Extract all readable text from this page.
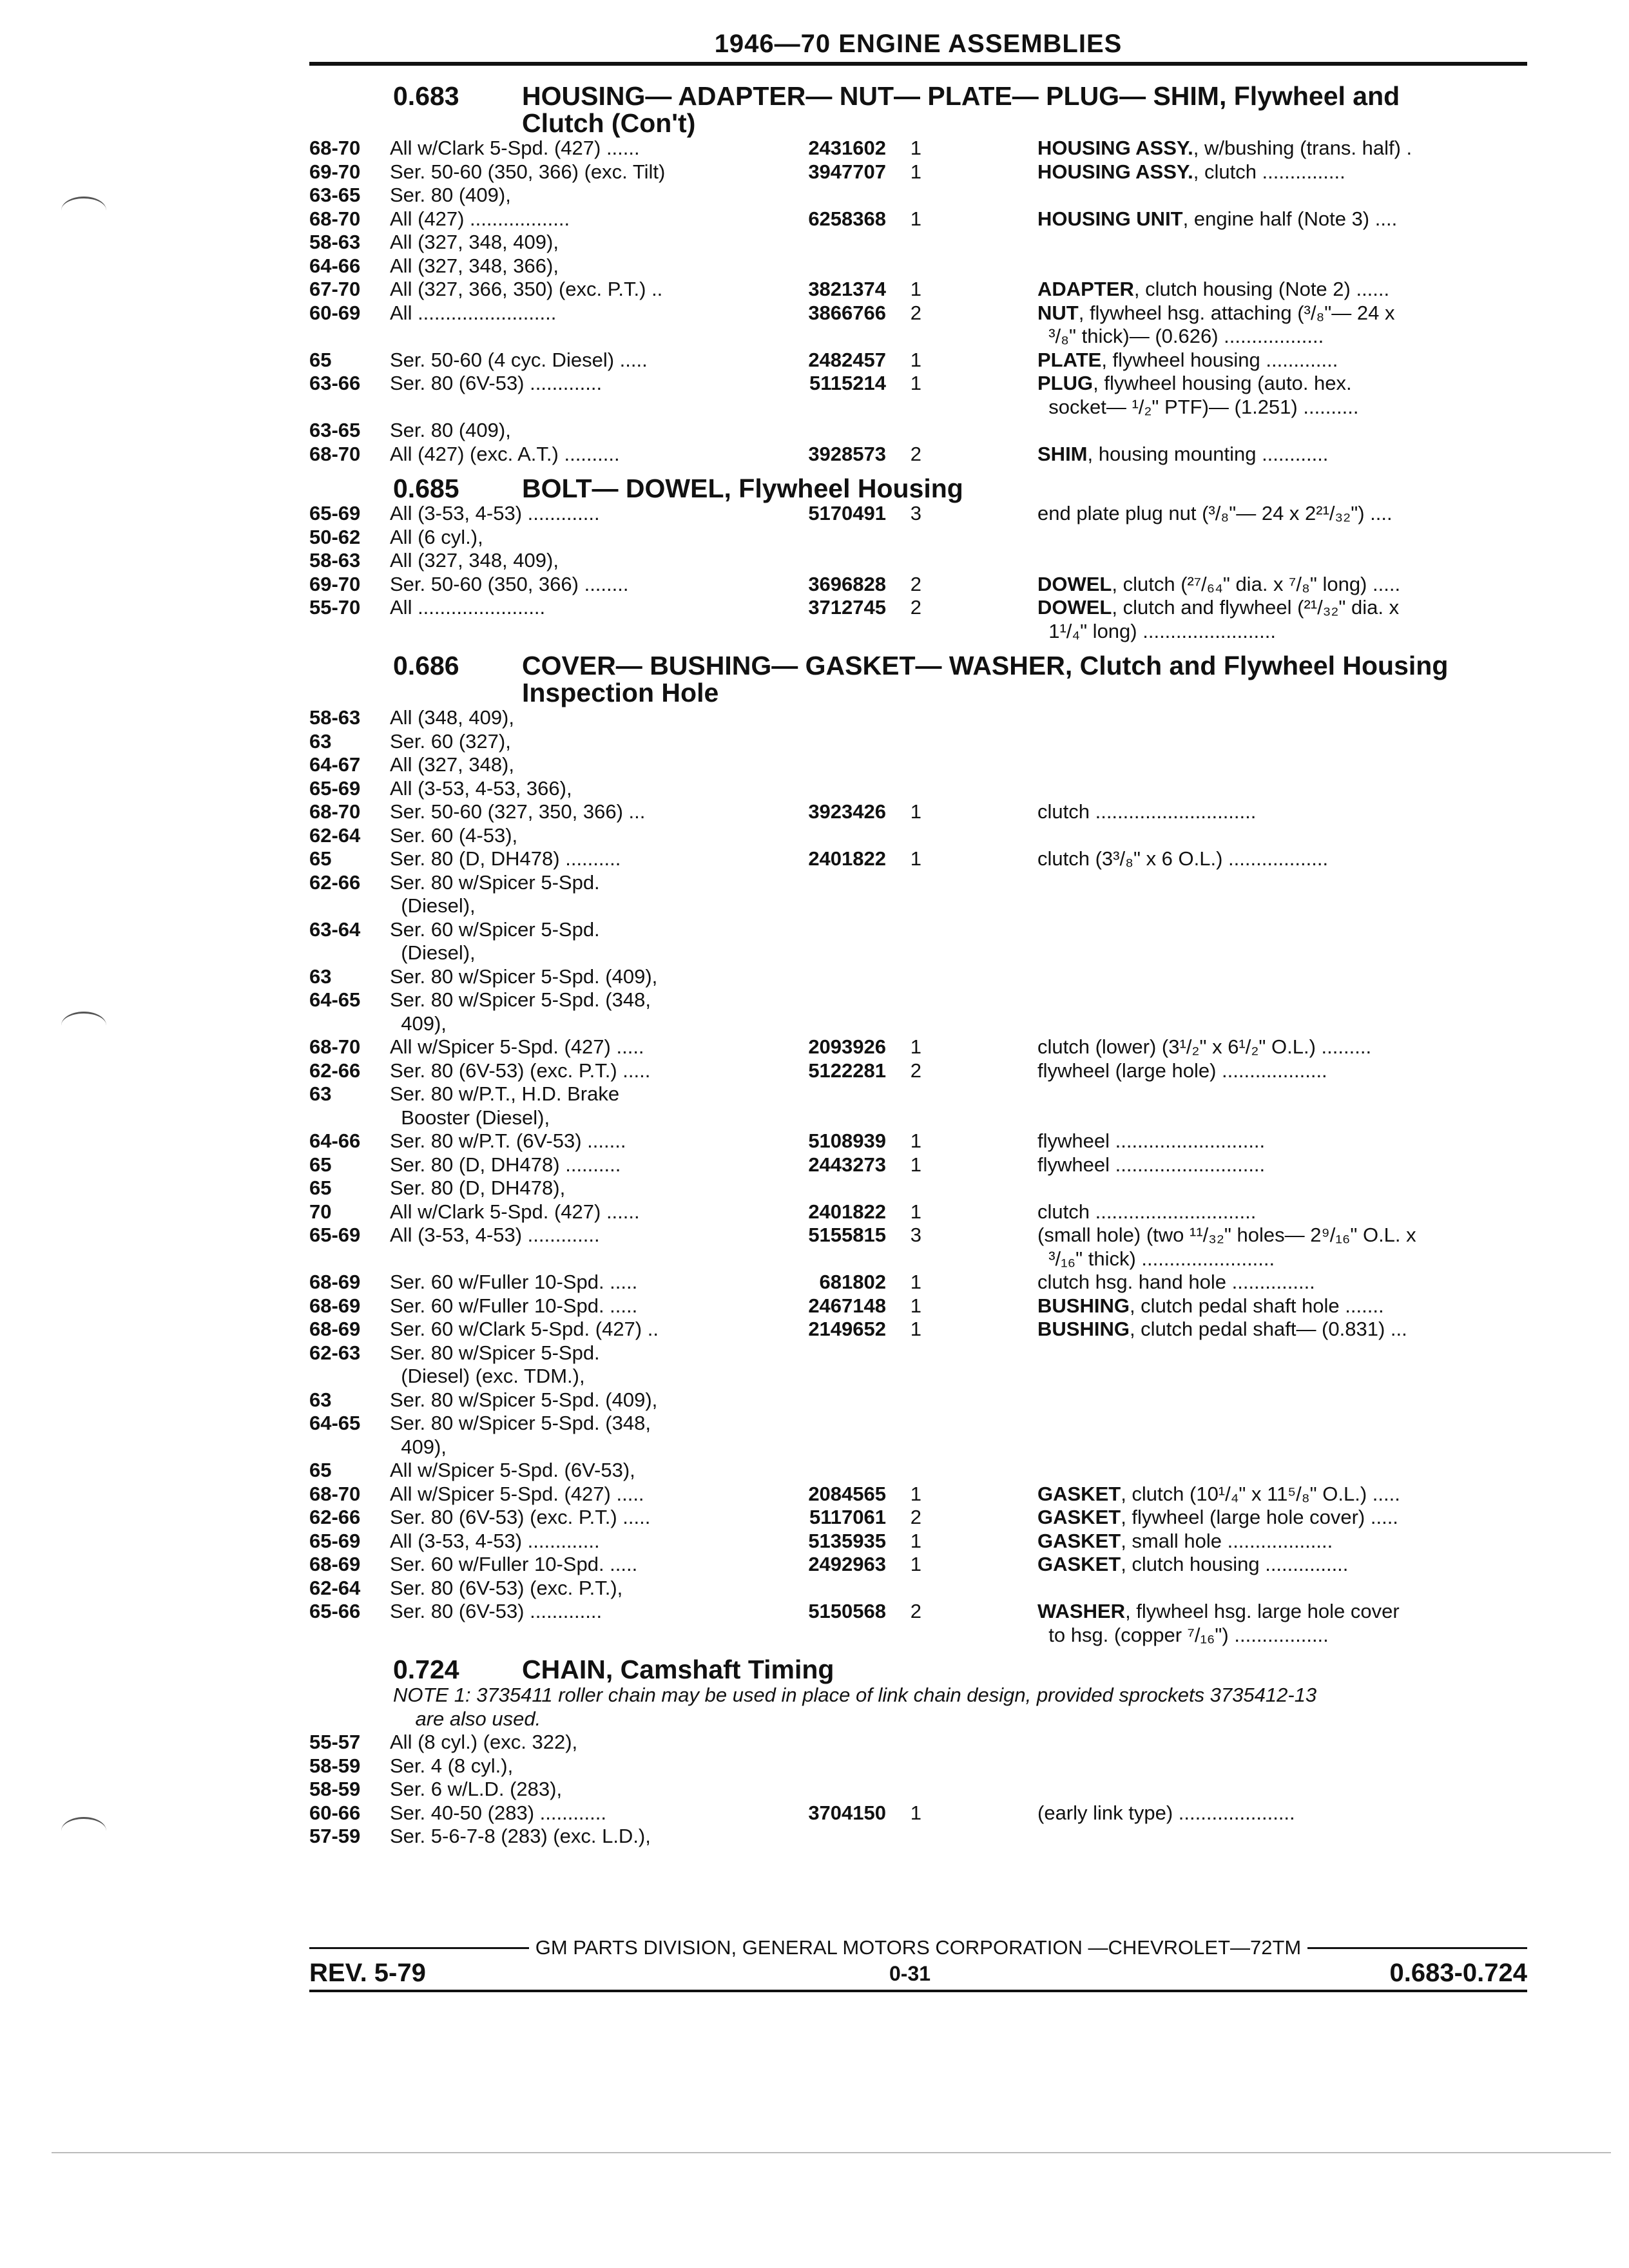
1946—70 ENGINE ASSEMBLIES
0.683	HOUSING— ADAPTER— NUT— PLATE— PLUG— SHIM, Flywheel and
Clutch (Con't)
68-70	All w/Clark 5-Spd. (427) ......	2431602	1	HOUSING ASSY., w/bushing (trans. half) .
69-70	Ser. 50-60 (350, 366) (exc. Tilt)	3947707	1	HOUSING ASSY., clutch ...............
63-65	Ser. 80 (409),
68-70	All (427) ..................	6258368	1	HOUSING UNIT, engine half (Note 3) ....
58-63	All (327, 348, 409),
64-66	All (327, 348, 366),
67-70	All (327, 366, 350) (exc. P.T.) ..	3821374	1	ADAPTER, clutch housing (Note 2) ......
60-69	All .........................	3866766	2	NUT, flywheel hsg. attaching (³/₈"— 24 x
³/₈" thick)— (0.626) ..................
65	Ser. 50-60 (4 cyc. Diesel) .....	2482457	1	PLATE, flywheel housing .............
63-66	Ser. 80 (6V-53) .............	5115214	1	PLUG, flywheel housing (auto. hex.
socket— ¹/₂" PTF)— (1.251) ..........
63-65	Ser. 80 (409),
68-70	All (427) (exc. A.T.) ..........	3928573	2	SHIM, housing mounting ............
0.685	BOLT— DOWEL, Flywheel Housing
65-69	All (3-53, 4-53) .............	5170491	3	end plate plug nut (³/₈"— 24 x 2²¹/₃₂") ....
50-62	All (6 cyl.),
58-63	All (327, 348, 409),
69-70	Ser. 50-60 (350, 366) ........	3696828	2	DOWEL, clutch (²⁷/₆₄" dia. x ⁷/₈" long) .....
55-70	All .......................	3712745	2	DOWEL, clutch and flywheel (²¹/₃₂" dia. x
1¹/₄" long) ........................
0.686	COVER— BUSHING— GASKET— WASHER, Clutch and Flywheel Housing
Inspection Hole
58-63	All (348, 409),
63	Ser. 60 (327),
64-67	All (327, 348),
65-69	All (3-53, 4-53, 366),
68-70	Ser. 50-60 (327, 350, 366) ...	3923426	1	clutch .............................
62-64	Ser. 60 (4-53),
65	Ser. 80 (D, DH478) ..........	2401822	1	clutch (3³/₈" x 6 O.L.) ..................
62-66	Ser. 80 w/Spicer 5-Spd.
(Diesel),
63-64	Ser. 60 w/Spicer 5-Spd.
(Diesel),
63	Ser. 80 w/Spicer 5-Spd. (409),
64-65	Ser. 80 w/Spicer 5-Spd. (348,
409),
68-70	All w/Spicer 5-Spd. (427) .....	2093926	1	clutch (lower) (3¹/₂" x 6¹/₂" O.L.) .........
62-66	Ser. 80 (6V-53) (exc. P.T.) .....	5122281	2	flywheel (large hole) ...................
63	Ser. 80 w/P.T., H.D. Brake
Booster (Diesel),
64-66	Ser. 80 w/P.T. (6V-53) .......	5108939	1	flywheel ...........................
65	Ser. 80 (D, DH478) ..........	2443273	1	flywheel ...........................
65	Ser. 80 (D, DH478),
70	All w/Clark 5-Spd. (427) ......	2401822	1	clutch .............................
65-69	All (3-53, 4-53) .............	5155815	3	(small hole) (two ¹¹/₃₂" holes— 2⁹/₁₆" O.L. x
³/₁₆" thick) ........................
68-69	Ser. 60 w/Fuller 10-Spd. .....	681802	1	clutch hsg. hand hole ...............
68-69	Ser. 60 w/Fuller 10-Spd. .....	2467148	1	BUSHING, clutch pedal shaft hole .......
68-69	Ser. 60 w/Clark 5-Spd. (427) ..	2149652	1	BUSHING, clutch pedal shaft— (0.831) ...
62-63	Ser. 80 w/Spicer 5-Spd.
(Diesel) (exc. TDM.),
63	Ser. 80 w/Spicer 5-Spd. (409),
64-65	Ser. 80 w/Spicer 5-Spd. (348,
409),
65	All w/Spicer 5-Spd. (6V-53),
68-70	All w/Spicer 5-Spd. (427) .....	2084565	1	GASKET, clutch (10¹/₄" x 11⁵/₈" O.L.) .....
62-66	Ser. 80 (6V-53) (exc. P.T.) .....	5117061	2	GASKET, flywheel (large hole cover) .....
65-69	All (3-53, 4-53) .............	5135935	1	GASKET, small hole ...................
68-69	Ser. 60 w/Fuller 10-Spd. .....	2492963	1	GASKET, clutch housing ...............
62-64	Ser. 80 (6V-53) (exc. P.T.),
65-66	Ser. 80 (6V-53) .............	5150568	2	WASHER, flywheel hsg. large hole cover
to hsg. (copper ⁷/₁₆") .................
0.724	CHAIN, Camshaft Timing
NOTE 1: 3735411 roller chain may be used in place of link chain design, provided sprockets 3735412-13
are also used.
55-57	All (8 cyl.) (exc. 322),
58-59	Ser. 4 (8 cyl.),
58-59	Ser. 6 w/L.D. (283),
60-66	Ser. 40-50 (283) ............	3704150	1	(early link type) .....................
57-59	Ser. 5-6-7-8 (283) (exc. L.D.),
GM PARTS DIVISION, GENERAL MOTORS CORPORATION —CHEVROLET—72TM
REV. 5-79	0-31	0.683-0.724
